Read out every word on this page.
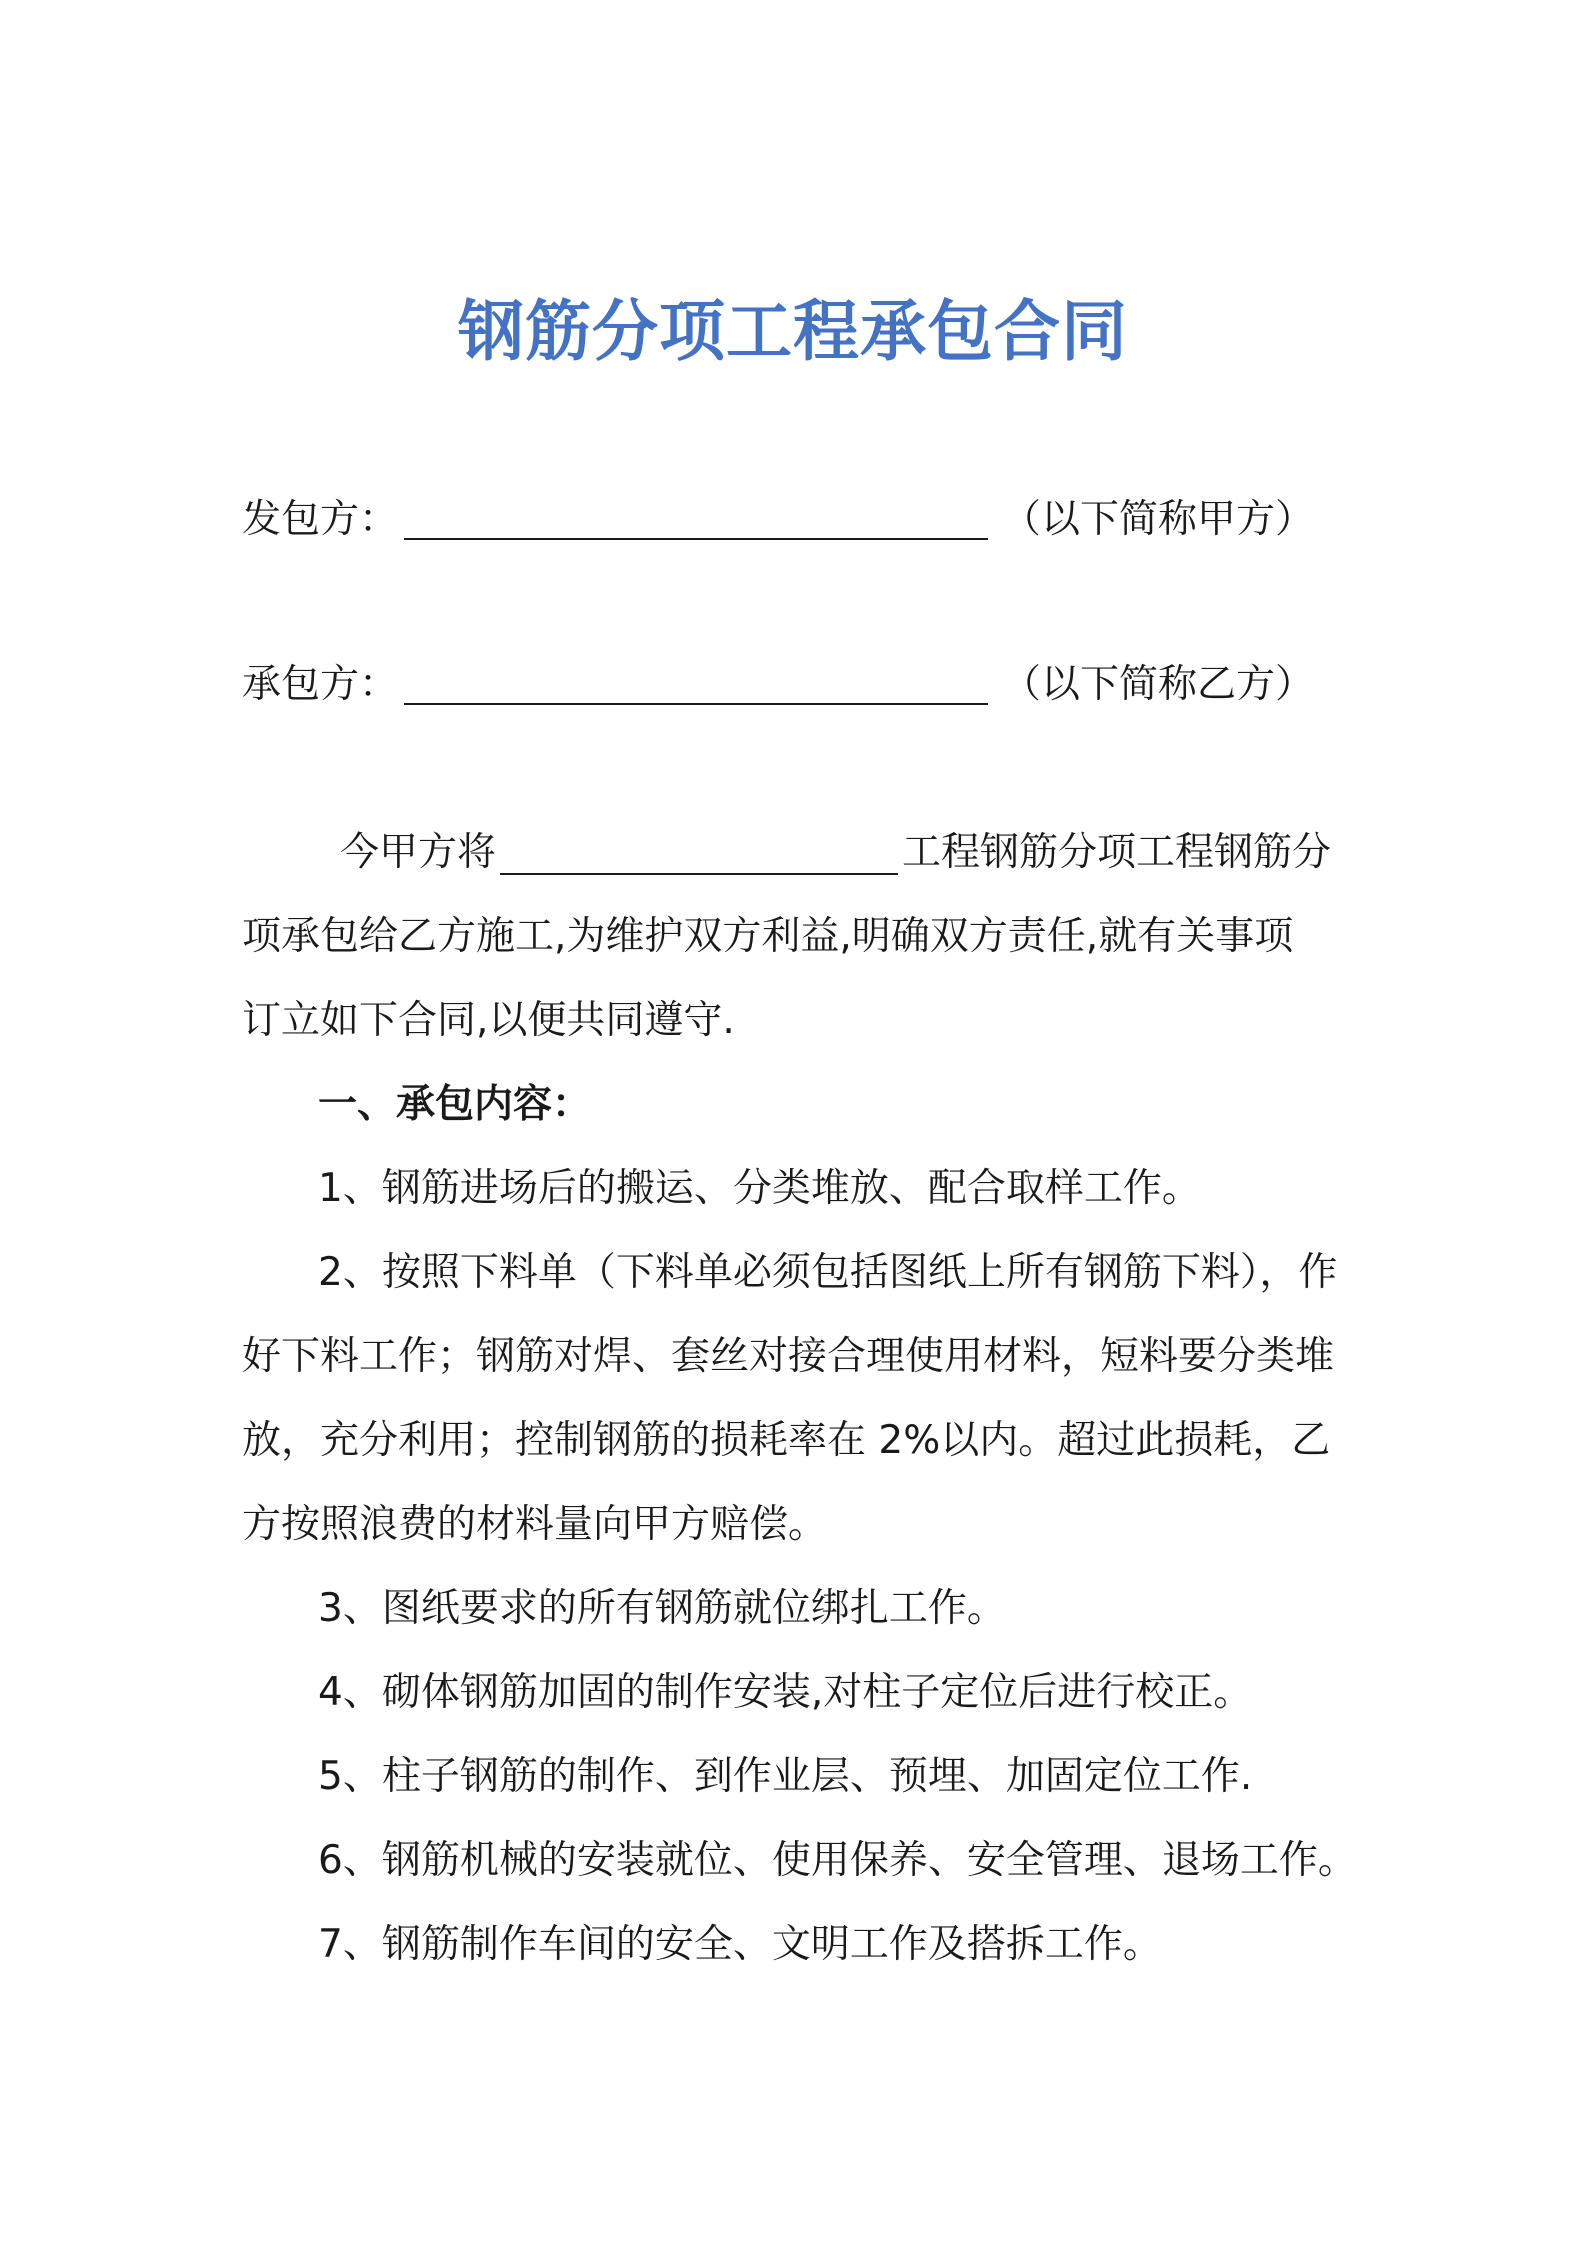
钢筋分项工程承包合同
发包方：	（以下简称甲方）
承包方：	（以下简称乙方）
今甲方将	工程钢筋分项工程钢筋分
项承包给乙方施工,为维护双方利益,明确双方责任,就有关事项
订立如下合同,以便共同遵守.
一、承包内容：
1、钢筋进场后的搬运、分类堆放、配合取样工作。
2、按照下料单（下料单必须包括图纸上所有钢筋下料），作
好下料工作；钢筋对焊、套丝对接合理使用材料，短料要分类堆
放，充分利用；控制钢筋的损耗率在 2%以内。超过此损耗，乙
方按照浪费的材料量向甲方赔偿。
3、图纸要求的所有钢筋就位绑扎工作。
4、砌体钢筋加固的制作安装,对柱子定位后进行校正。
5、柱子钢筋的制作、到作业层、预埋、加固定位工作.
6、钢筋机械的安装就位、使用保养、安全管理、退场工作。
7、钢筋制作车间的安全、文明工作及搭拆工作。
